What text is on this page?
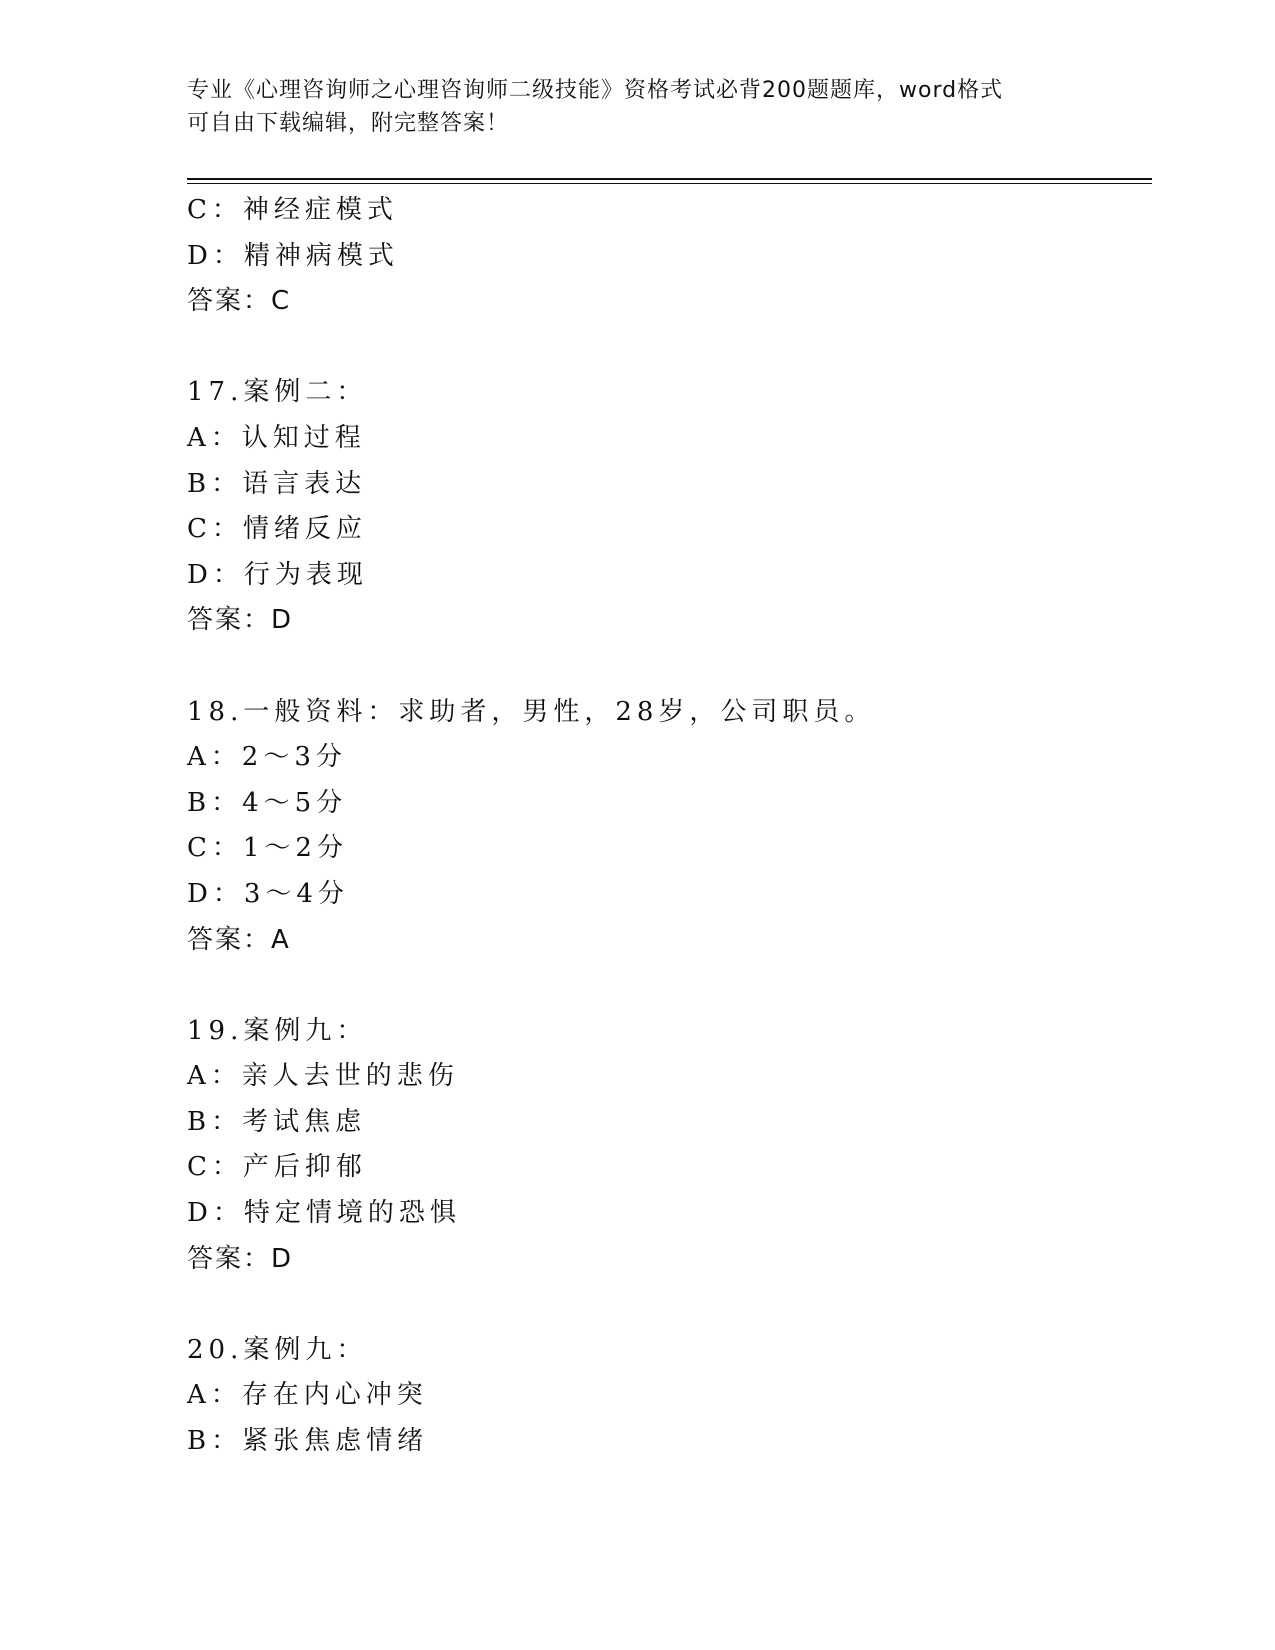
专业《心理咨询师之心理咨询师二级技能》资格考试必背200题题库，word格式
可自由下载编辑，附完整答案！
C：神经症模式
D：精神病模式
答案：C
17.案例二：
A：认知过程
B：语言表达
C：情绪反应
D：行为表现
答案：D
18.一般资料：求助者，男性，28岁，公司职员。
A：2～3分
B：4～5分
C：1～2分
D：3～4分
答案：A
19.案例九：
A：亲人去世的悲伤
B：考试焦虑
C：产后抑郁
D：特定情境的恐惧
答案：D
20.案例九：
A：存在内心冲突
B：紧张焦虑情绪
